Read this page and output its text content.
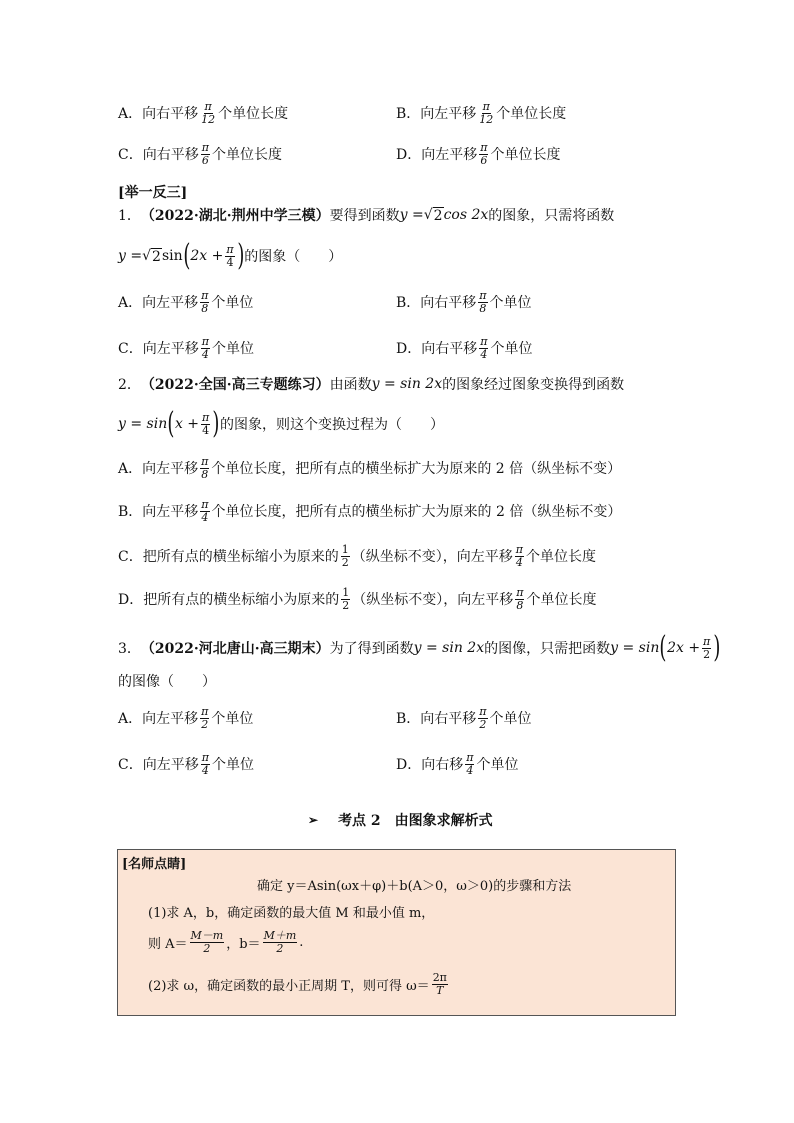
A．向右平移 $\frac{\pi}{12}$ 个单位长度	B．向左平移 $\frac{\pi}{12}$ 个单位长度
C．向右平移 $\frac{\pi}{6}$ 个单位长度	D．向左平移 $\frac{\pi}{6}$ 个单位长度
[举一反三]
1． （2022·湖北·荆州中学三模） 要得到函数 y = √ 2 cos 2x 的图象，只需将函数
y = √ 2 sin ( $2x + \frac{\pi}{4}$ ) 的图象（　　）
A．向左平移 $\frac{\pi}{8}$ 个单位	B．向右平移 $\frac{\pi}{8}$ 个单位
C．向左平移 $\frac{\pi}{4}$ 个单位	D．向右平移 $\frac{\pi}{4}$ 个单位
2． （2022·全国·高三专题练习） 由函数 y = sin 2x 的图象经过图象变换得到函数
y = sin ( $x + \frac{\pi}{4}$ ) 的图象，则这个变换过程为（　　）
A．向左平移 $\frac{\pi}{8}$ 个单位长度，把所有点的横坐标扩大为原来的 2 倍（纵坐标不变）
B．向左平移 $\frac{\pi}{4}$ 个单位长度，把所有点的横坐标扩大为原来的 2 倍（纵坐标不变）
C．把所有点的横坐标缩小为原来的 $\frac{1}{2}$ （纵坐标不变），向左平移 $\frac{\pi}{4}$ 个单位长度
D．把所有点的横坐标缩小为原来的 $\frac{1}{2}$ （纵坐标不变），向左平移 $\frac{\pi}{8}$ 个单位长度
3． （2022·河北唐山·高三期末） 为了得到函数 y = sin 2x 的图像，只需把函数 y = sin ( $2x + \frac{\pi}{2}$ )
的图像（　　）
A．向左平移 $\frac{\pi}{2}$ 个单位	B．向右平移 $\frac{\pi}{2}$ 个单位
C．向左平移 $\frac{\pi}{4}$ 个单位	D．向右移 $\frac{\pi}{4}$ 个单位
➢ 考点 2　由图象求解析式
[名师点睛]
确定 y＝Asin(ωx＋φ)＋b(A＞0，ω＞0)的步骤和方法
(1)求 A，b，确定函数的最大值 M 和最小值 m，
则 $A= \frac{M-m}{2}$ ，$b= \frac{M+m}{2}$ .
(2)求 ω，确定函数的最小正周期 T，则可得 $\omega= \frac{2\pi}{T}$
